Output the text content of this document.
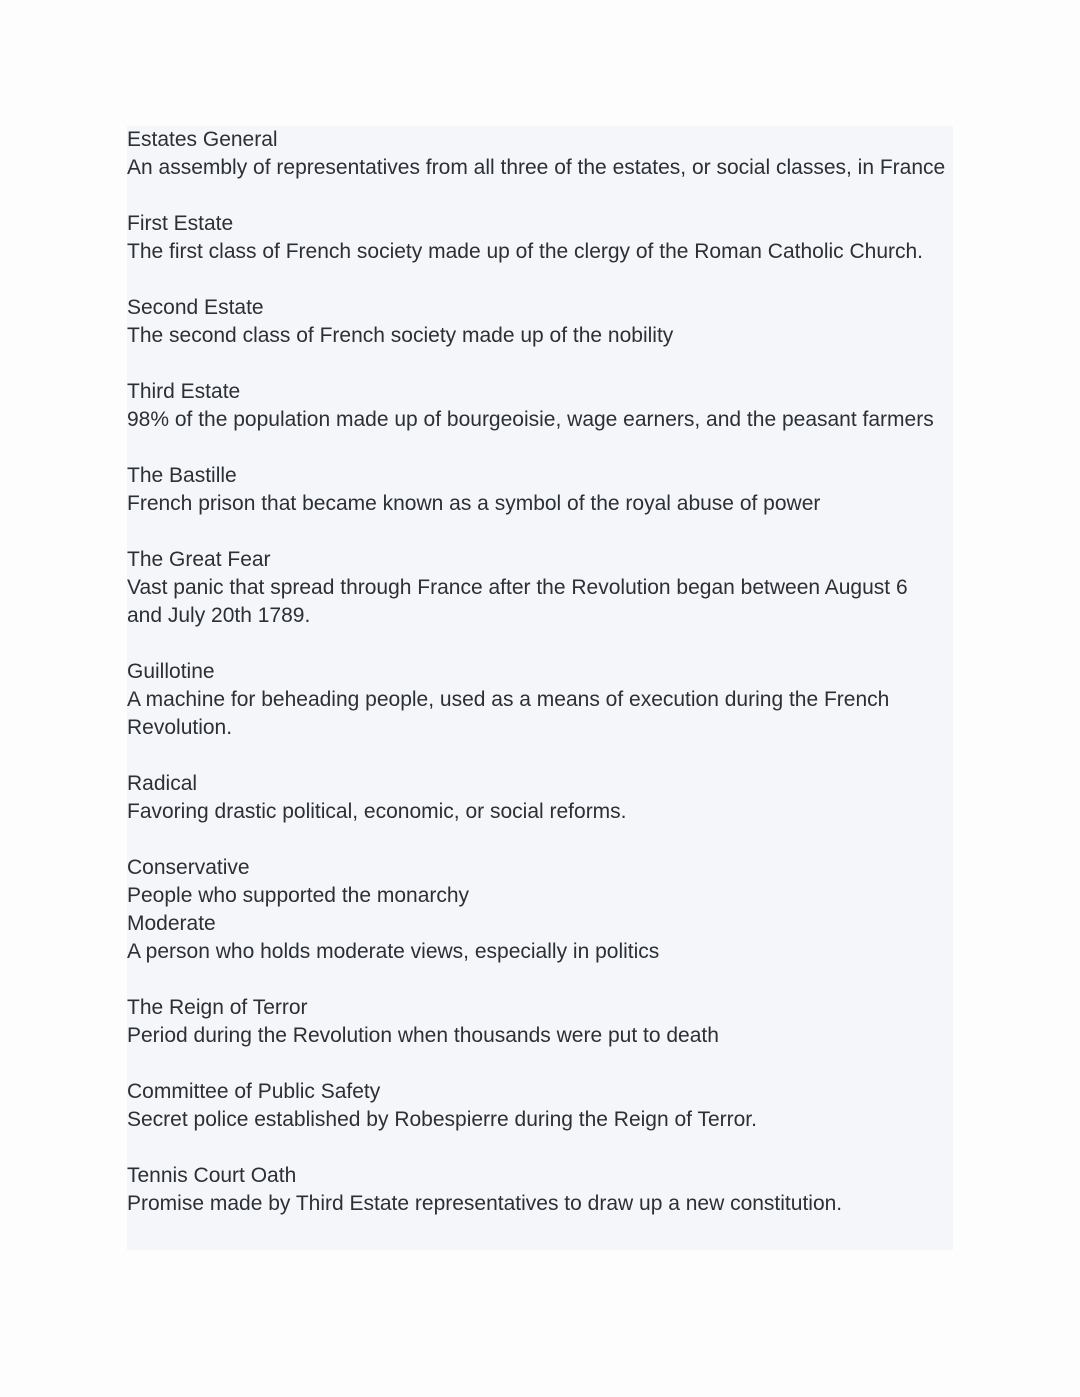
Estates General
An assembly of representatives from all three of the estates, or social classes, in France
First Estate
The first class of French society made up of the clergy of the Roman Catholic Church.
Second Estate
The second class of French society made up of the nobility
Third Estate
98% of the population made up of bourgeoisie, wage earners, and the peasant farmers
The Bastille
French prison that became known as a symbol of the royal abuse of power
The Great Fear
Vast panic that spread through France after the Revolution began between August 6 and July 20th 1789.
Guillotine
A machine for beheading people, used as a means of execution during the French Revolution.
Radical
Favoring drastic political, economic, or social reforms.
Conservative
People who supported the monarchy
Moderate
A person who holds moderate views, especially in politics
The Reign of Terror
Period during the Revolution when thousands were put to death
Committee of Public Safety
Secret police established by Robespierre during the Reign of Terror.
Tennis Court Oath
Promise made by Third Estate representatives to draw up a new constitution.
